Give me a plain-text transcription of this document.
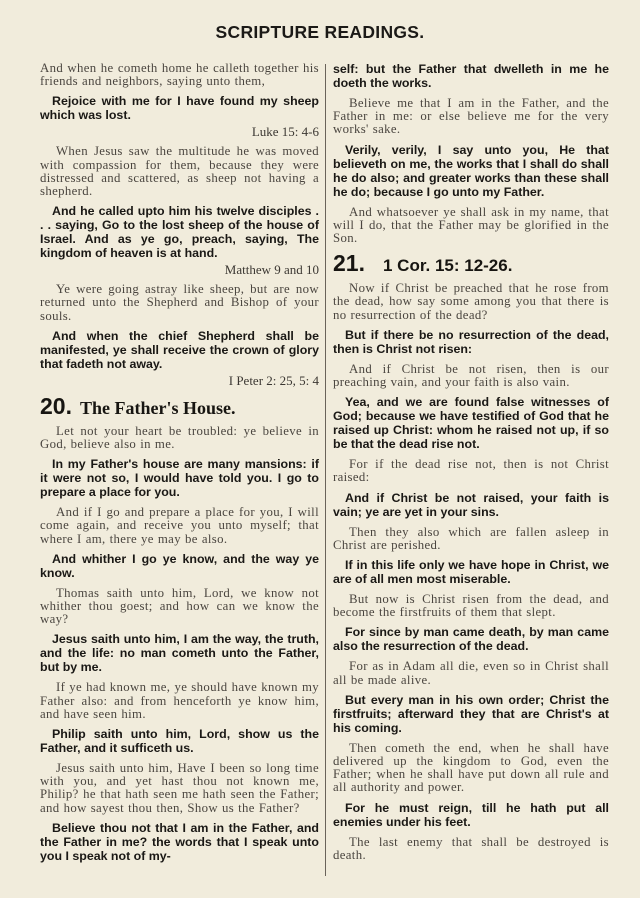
SCRIPTURE READINGS.

And when he cometh home he calleth together his friends and neighbors, saying unto them,

Rejoice with me for I have found my sheep which was lost.

Luke 15: 4-6

When Jesus saw the multitude he was moved with compassion for them, because they were distressed and scattered, as sheep not having a shepherd.

And he called upto him his twelve disciples . . . saying, Go to the lost sheep of the house of Israel. And as ye go, preach, saying, The kingdom of heaven is at hand.

Matthew 9 and 10

Ye were going astray like sheep, but are now returned unto the Shepherd and Bishop of your souls.

And when the chief Shepherd shall be manifested, ye shall receive the crown of glory that fadeth not away.

I Peter 2: 25, 5: 4

20. The Father's House.

Let not your heart be troubled: ye believe in God, believe also in me.

In my Father's house are many mansions: if it were not so, I would have told you. I go to prepare a place for you.

And if I go and prepare a place for you, I will come again, and receive you unto myself; that where I am, there ye may be also.

And whither I go ye know, and the way ye know.

Thomas saith unto him, Lord, we know not whither thou goest; and how can we know the way?

Jesus saith unto him, I am the way, the truth, and the life: no man cometh unto the Father, but by me.

If ye had known me, ye should have known my Father also: and from henceforth ye know him, and have seen him.

Philip saith unto him, Lord, show us the Father, and it sufficeth us.

Jesus saith unto him, Have I been so long time with you, and yet hast thou not known me, Philip? he that hath seen me hath seen the Father; and how sayest thou then, Show us the Father?

Believe thou not that I am in the Father, and the Father in me? the words that I speak unto you I speak not of my-

self: but the Father that dwelleth in me he doeth the works.

Believe me that I am in the Father, and the Father in me: or else believe me for the very works' sake.

Verily, verily, I say unto you, He that believeth on me, the works that I shall do shall he do also; and greater works than these shall he do; because I go unto my Father.

And whatsoever ye shall ask in my name, that will I do, that the Father may be glorified in the Son.

21. 1 Cor. 15: 12-26.

Now if Christ be preached that he rose from the dead, how say some among you that there is no resurrection of the dead?

But if there be no resurrection of the dead, then is Christ not risen:

And if Christ be not risen, then is our preaching vain, and your faith is also vain.

Yea, and we are found false witnesses of God; because we have testified of God that he raised up Christ: whom he raised not up, if so be that the dead rise not.

For if the dead rise not, then is not Christ raised:

And if Christ be not raised, your faith is vain; ye are yet in your sins.

Then they also which are fallen asleep in Christ are perished.

If in this life only we have hope in Christ, we are of all men most miserable.

But now is Christ risen from the dead, and become the firstfruits of them that slept.

For since by man came death, by man came also the resurrection of the dead.

For as in Adam all die, even so in Christ shall all be made alive.

But every man in his own order; Christ the firstfruits; afterward they that are Christ's at his coming.

Then cometh the end, when he shall have delivered up the kingdom to God, even the Father; when he shall have put down all rule and all authority and power.

For he must reign, till he hath put all enemies under his feet.

The last enemy that shall be destroyed is death.
